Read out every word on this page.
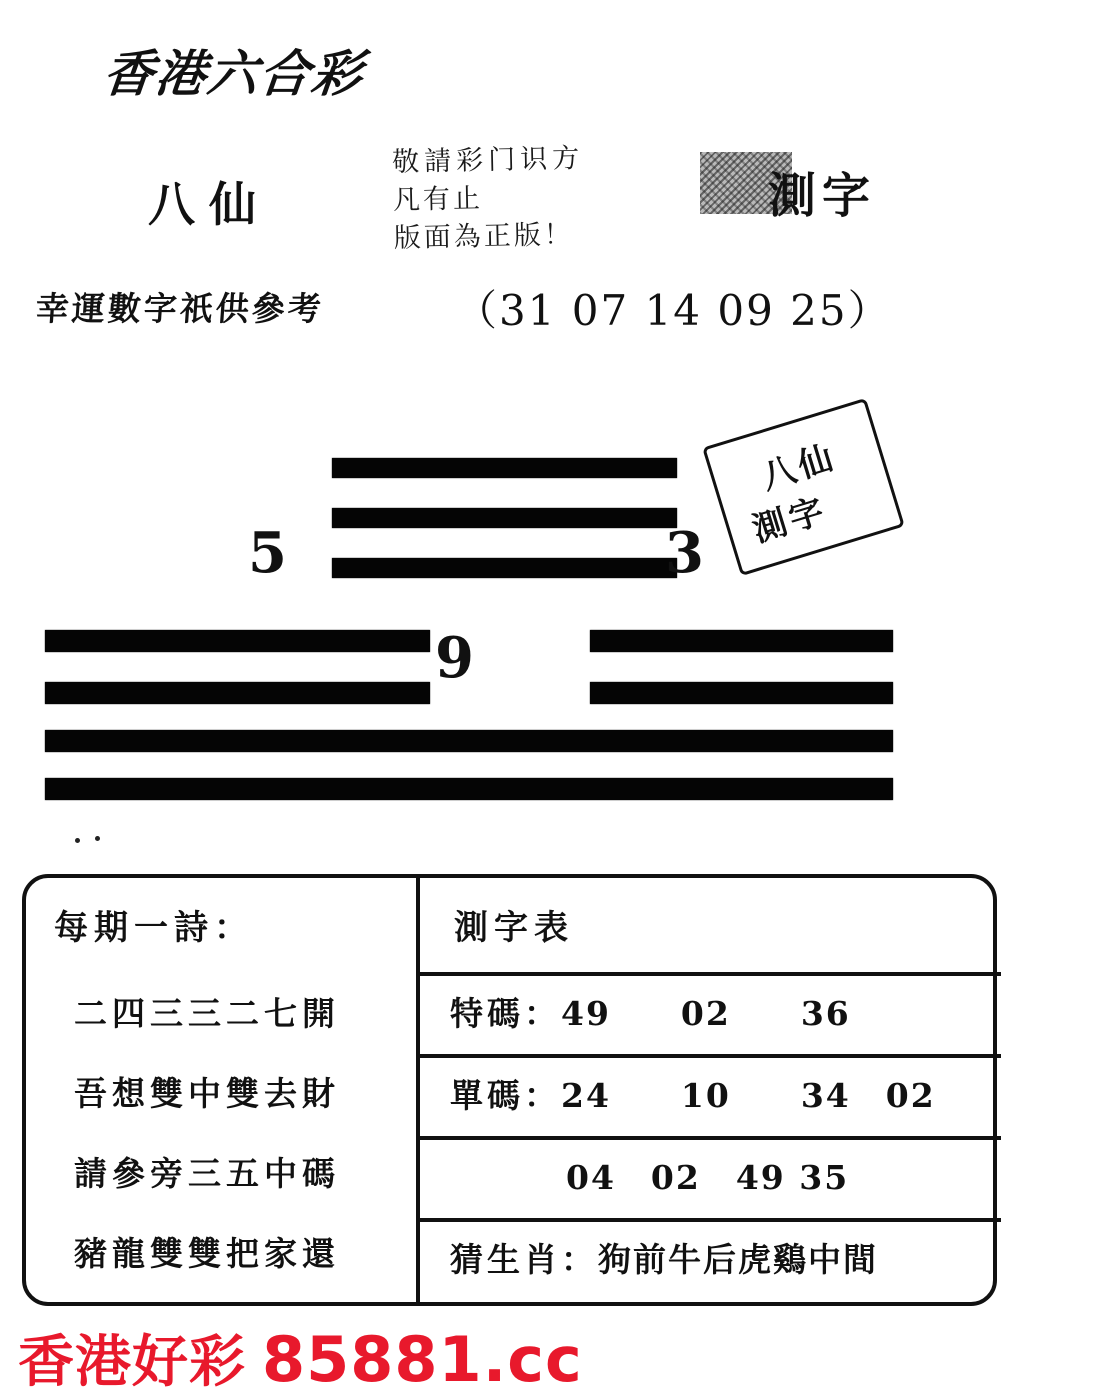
香港六合彩
八仙
敬請彩门识方
凡有止
版面為正版！
測字
幸運數字祇供參考	（31 07 14 09 25）
5	3
9
八仙
測字
每期一詩：
二四三三二七開
吾想雙中雙去財
請參旁三五中碼
豬龍雙雙把家還
測字表
特碼：49　　02　　36
單碼：24　　10　　34　02
04　02　49 35
猜生肖：狗前牛后虎鷄中間
香港好彩 85881.cc
